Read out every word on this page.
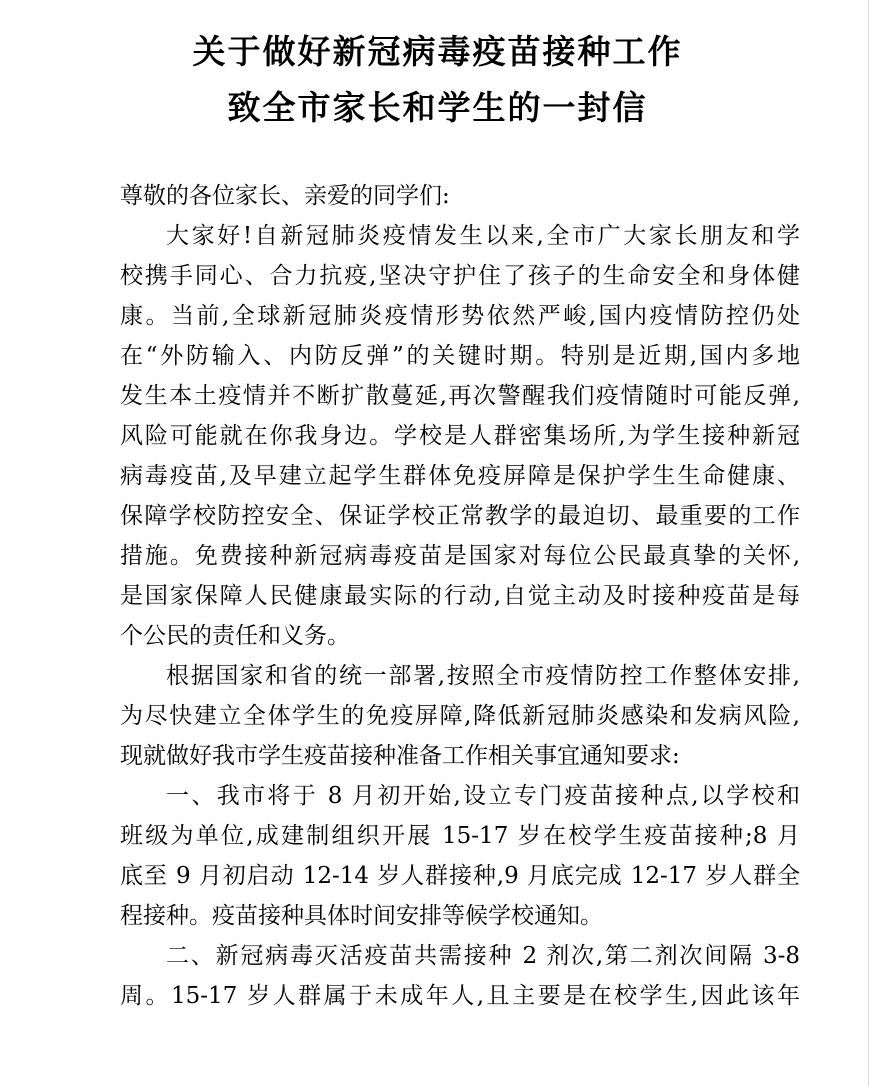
关于做好新冠病毒疫苗接种工作
致全市家长和学生的一封信

尊敬的各位家长、亲爱的同学们:

大家好!自新冠肺炎疫情发生以来,全市广大家长朋友和学
校携手同心、合力抗疫,坚决守护住了孩子的生命安全和身体健
康。当前,全球新冠肺炎疫情形势依然严峻,国内疫情防控仍处
在“外防输入、内防反弹”的关键时期。特别是近期,国内多地
发生本土疫情并不断扩散蔓延,再次警醒我们疫情随时可能反弹,
风险可能就在你我身边。学校是人群密集场所,为学生接种新冠
病毒疫苗,及早建立起学生群体免疫屏障是保护学生生命健康、
保障学校防控安全、保证学校正常教学的最迫切、最重要的工作
措施。免费接种新冠病毒疫苗是国家对每位公民最真挚的关怀,
是国家保障人民健康最实际的行动,自觉主动及时接种疫苗是每
个公民的责任和义务。

根据国家和省的统一部署,按照全市疫情防控工作整体安排,
为尽快建立全体学生的免疫屏障,降低新冠肺炎感染和发病风险,
现就做好我市学生疫苗接种准备工作相关事宜通知要求:

一、我市将于 8 月初开始,设立专门疫苗接种点,以学校和
班级为单位,成建制组织开展 15-17 岁在校学生疫苗接种;8 月
底至 9 月初启动 12-14 岁人群接种,9 月底完成 12-17 岁人群全
程接种。疫苗接种具体时间安排等候学校通知。

二、新冠病毒灭活疫苗共需接种 2 剂次,第二剂次间隔 3-8
周。15-17 岁人群属于未成年人,且主要是在校学生,因此该年
